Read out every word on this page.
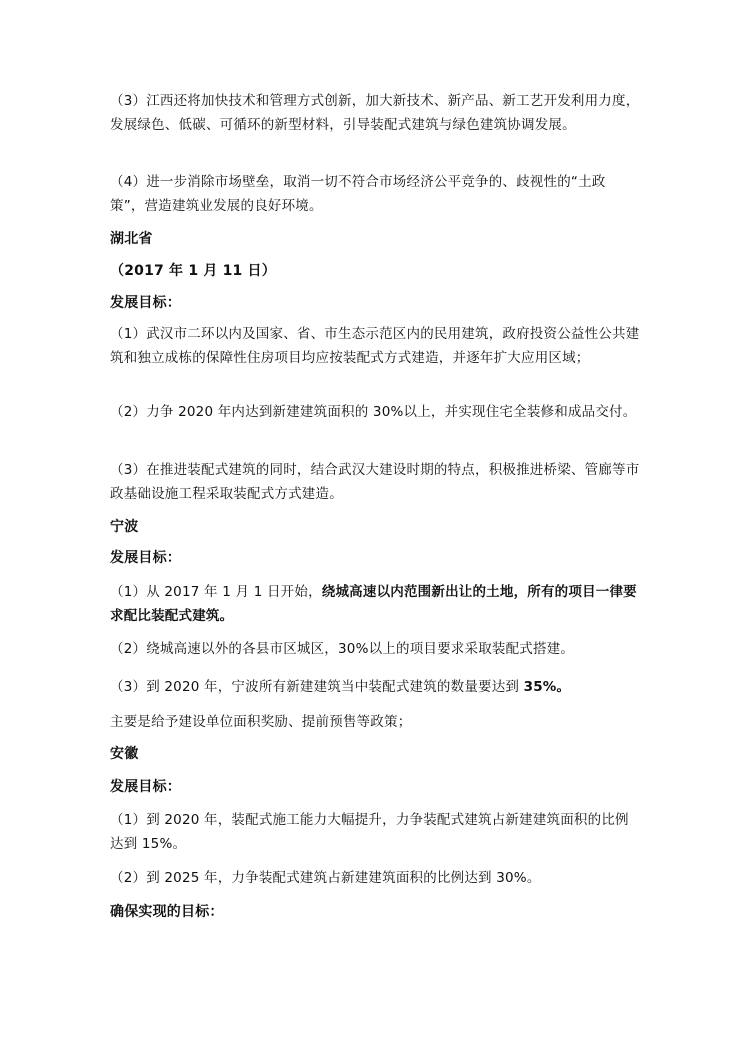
（3）江西还将加快技术和管理方式创新，加大新技术、新产品、新工艺开发利用力度，发展绿色、低碳、可循环的新型材料，引导装配式建筑与绿色建筑协调发展。

（4）进一步消除市场壁垒，取消一切不符合市场经济公平竞争的、歧视性的“土政策”，营造建筑业发展的良好环境。

湖北省

（2017 年 1 月 11 日）

发展目标：

（1）武汉市二环以内及国家、省、市生态示范区内的民用建筑，政府投资公益性公共建筑和独立成栋的保障性住房项目均应按装配式方式建造，并逐年扩大应用区域；

（2）力争 2020 年内达到新建建筑面积的 30%以上，并实现住宅全装修和成品交付。

（3）在推进装配式建筑的同时，结合武汉大建设时期的特点，积极推进桥梁、管廊等市政基础设施工程采取装配式方式建造。

宁波

发展目标：

（1）从 2017 年 1 月 1 日开始，绕城高速以内范围新出让的土地，所有的项目一律要求配比装配式建筑。

（2）绕城高速以外的各县市区城区，30%以上的项目要求采取装配式搭建。

（3）到 2020 年，宁波所有新建建筑当中装配式建筑的数量要达到 35%。

主要是给予建设单位面积奖励、提前预售等政策；

安徽

发展目标：

（1）到 2020 年，装配式施工能力大幅提升，力争装配式建筑占新建建筑面积的比例达到 15%。

（2）到 2025 年，力争装配式建筑占新建建筑面积的比例达到 30%。

确保实现的目标：
